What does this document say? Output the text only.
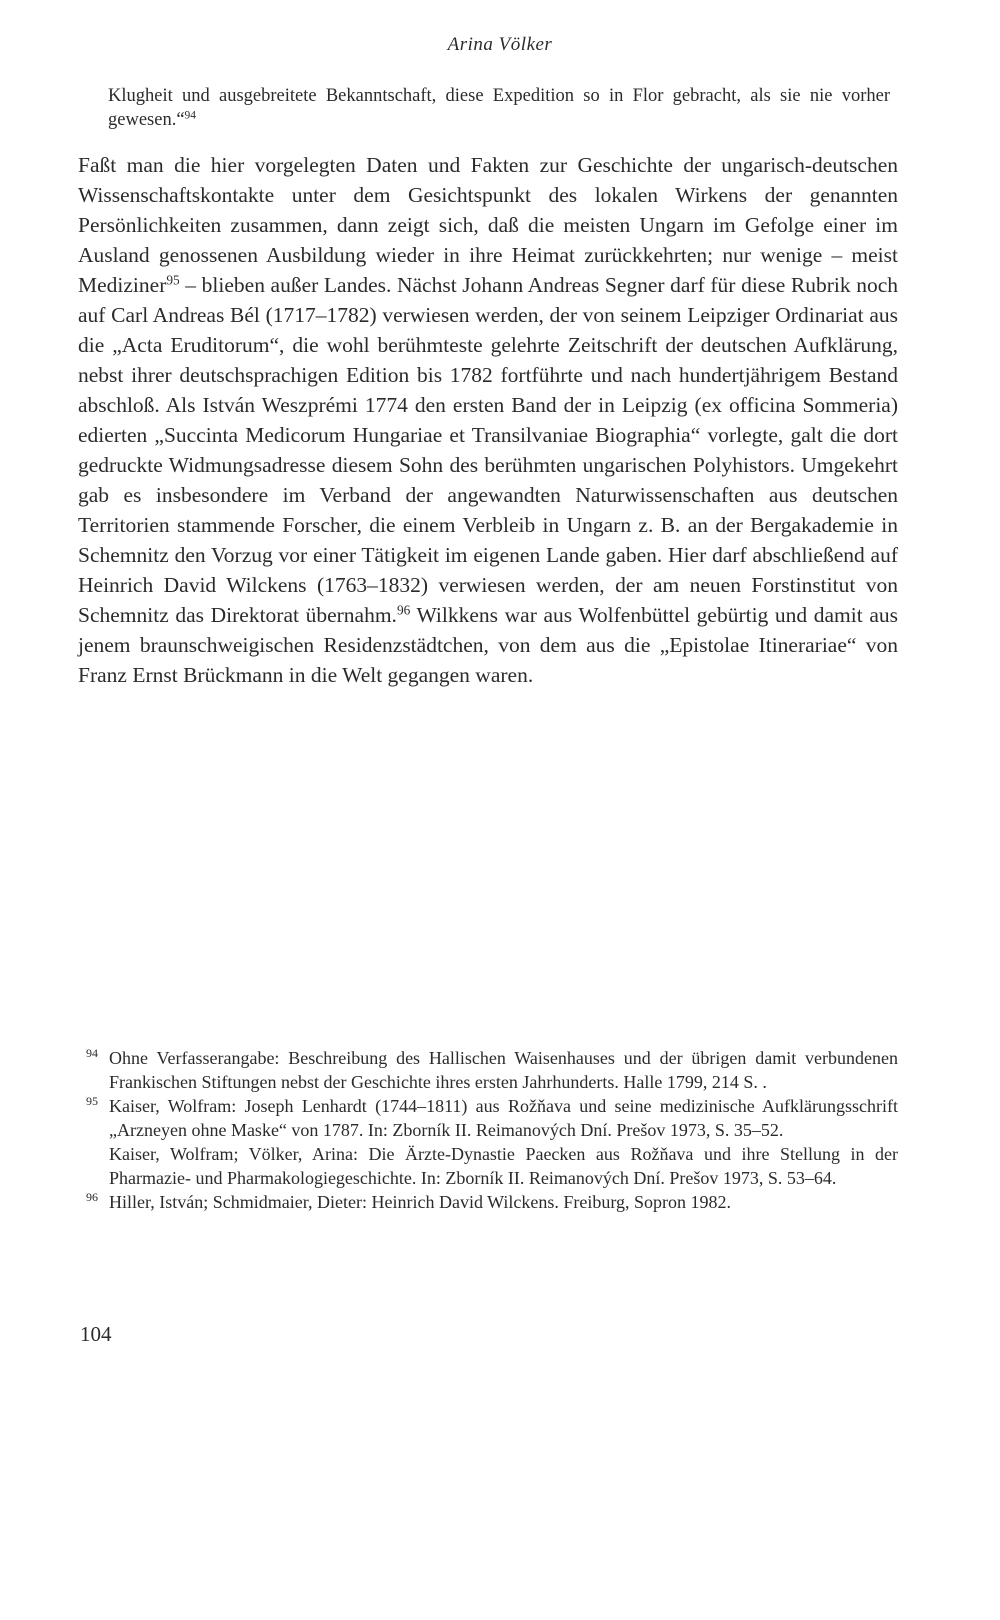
Arina Völker
Klugheit und ausgebreitete Bekanntschaft, diese Expedition so in Flor gebracht, als sie nie vorher gewesen.“$^{94}$
Faßt man die hier vorgelegten Daten und Fakten zur Geschichte der ungarisch-deutschen Wissenschaftskontakte unter dem Gesichtspunkt des lokalen Wirkens der genannten Persönlichkeiten zusammen, dann zeigt sich, daß die meisten Ungarn im Gefolge einer im Ausland genossenen Ausbildung wieder in ihre Heimat zurückkehrten; nur wenige – meist Mediziner$^{95}$ – blieben außer Landes. Nächst Johann Andreas Segner darf für diese Rubrik noch auf Carl Andreas Bél (1717–1782) verwiesen werden, der von seinem Leipziger Ordinariat aus die „Acta Eruditorum“, die wohl berühmteste gelehrte Zeitschrift der deutschen Aufklärung, nebst ihrer deutschsprachigen Edition bis 1782 fortführte und nach hundertjährigem Bestand abschloß. Als István Weszprémi 1774 den ersten Band der in Leipzig (ex officina Sommeria) edierten „Succinta Medicorum Hungariae et Transilvaniae Biographia“ vorlegte, galt die dort gedruckte Widmungsadresse diesem Sohn des berühmten ungarischen Polyhistors. Umgekehrt gab es insbesondere im Verband der angewandten Naturwissenschaften aus deutschen Territorien stammende Forscher, die einem Verbleib in Ungarn z. B. an der Bergakademie in Schemnitz den Vorzug vor einer Tätigkeit im eigenen Lande gaben. Hier darf abschließend auf Heinrich David Wilckens (1763–1832) verwiesen werden, der am neuen Forstinstitut von Schemnitz das Direktorat übernahm.$^{96}$ Wilkkens war aus Wolfenbüttel gebürtig und damit aus jenem braunschweigischen Residenzstädtchen, von dem aus die „Epistolae Itinerariae“ von Franz Ernst Brückmann in die Welt gegangen waren.
94 Ohne Verfasserangabe: Beschreibung des Hallischen Waisenhauses und der übrigen damit verbundenen Frankischen Stiftungen nebst der Geschichte ihres ersten Jahrhunderts. Halle 1799, 214 S. .
95 Kaiser, Wolfram: Joseph Lenhardt (1744–1811) aus Rožňava und seine medizinische Aufklärungsschrift „Arzneyen ohne Maske“ von 1787. In: Zborník II. Reimanových Dní. Prešov 1973, S. 35–52.
Kaiser, Wolfram; Völker, Arina: Die Ärzte-Dynastie Paecken aus Rožňava und ihre Stellung in der Pharmazie- und Pharmakologiegeschichte. In: Zborník II. Reimanových Dní. Prešov 1973, S. 53–64.
96 Hiller, István; Schmidmaier, Dieter: Heinrich David Wilckens. Freiburg, Sopron 1982.
104
